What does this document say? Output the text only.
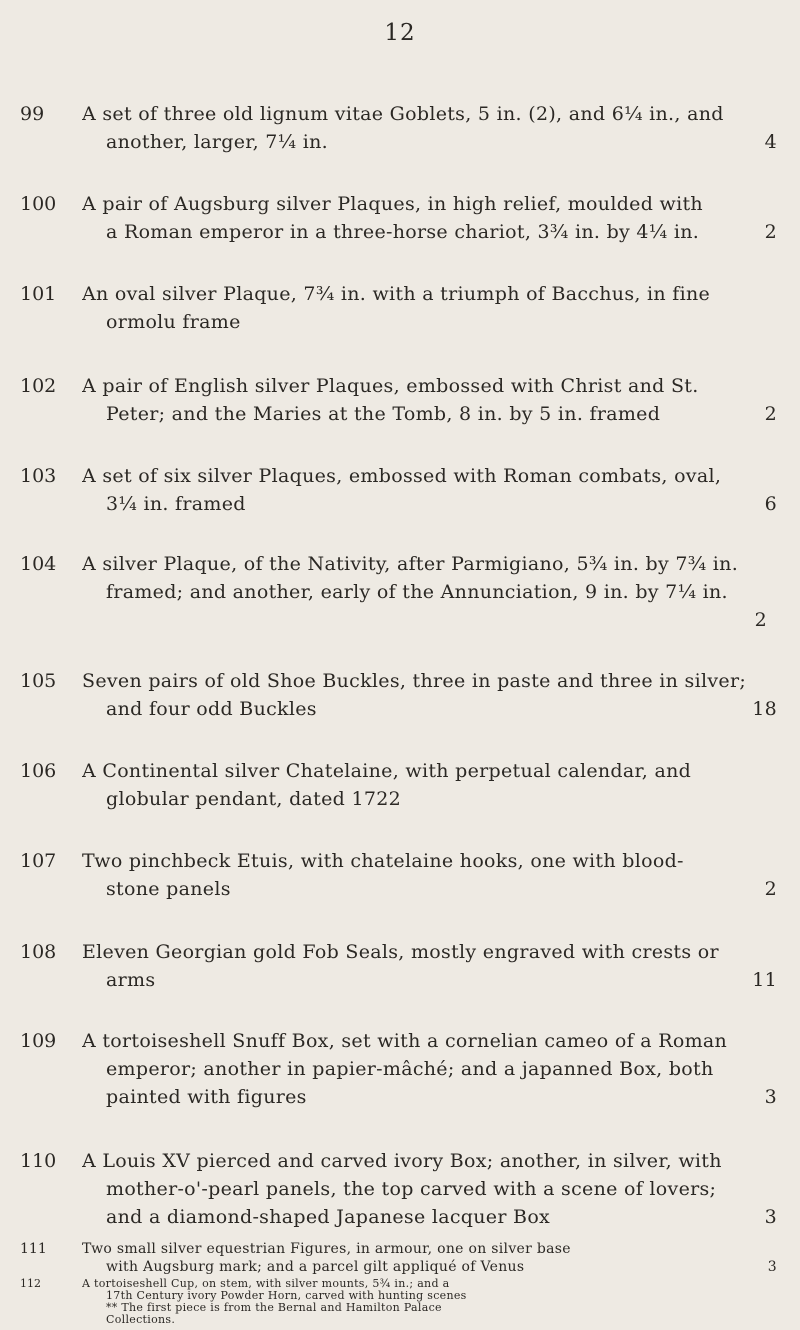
12
99	A set of three old lignum vitae Goblets, 5 in. (2), and 6¼ in., and
another, larger, 7¼ in.	4
100	A pair of Augsburg silver Plaques, in high relief, moulded with
a Roman emperor in a three-horse chariot, 3¾ in. by 4¼ in.	2
101	An oval silver Plaque, 7¾ in. with a triumph of Bacchus, in fine
ormolu frame
102	A pair of English silver Plaques, embossed with Christ and St.
Peter; and the Maries at the Tomb, 8 in. by 5 in. framed	2
103	A set of six silver Plaques, embossed with Roman combats, oval,
3¼ in. framed	6
104	A silver Plaque, of the Nativity, after Parmigiano, 5¾ in. by 7¾ in.
framed; and another, early of the Annunciation, 9 in. by 7¼ in.
2
105	Seven pairs of old Shoe Buckles, three in paste and three in silver;
and four odd Buckles	18
106	A Continental silver Chatelaine, with perpetual calendar, and
globular pendant, dated 1722
107	Two pinchbeck Etuis, with chatelaine hooks, one with blood-
stone panels	2
108	Eleven Georgian gold Fob Seals, mostly engraved with crests or
arms	11
109	A tortoiseshell Snuff Box, set with a cornelian cameo of a Roman
emperor; another in papier-mâché; and a japanned Box, both
painted with figures	3
110	A Louis XV pierced and carved ivory Box; another, in silver, with
mother-o'-pearl panels, the top carved with a scene of lovers;
and a diamond-shaped Japanese lacquer Box	3
111	Two small silver equestrian Figures, in armour, one on silver base
with Augsburg mark; and a parcel gilt appliqué of Venus	3
112	A tortoiseshell Cup, on stem, with silver mounts, 5¾ in.; and a
17th Century ivory Powder Horn, carved with hunting scenes
** The first piece is from the Bernal and Hamilton Palace
Collections.
